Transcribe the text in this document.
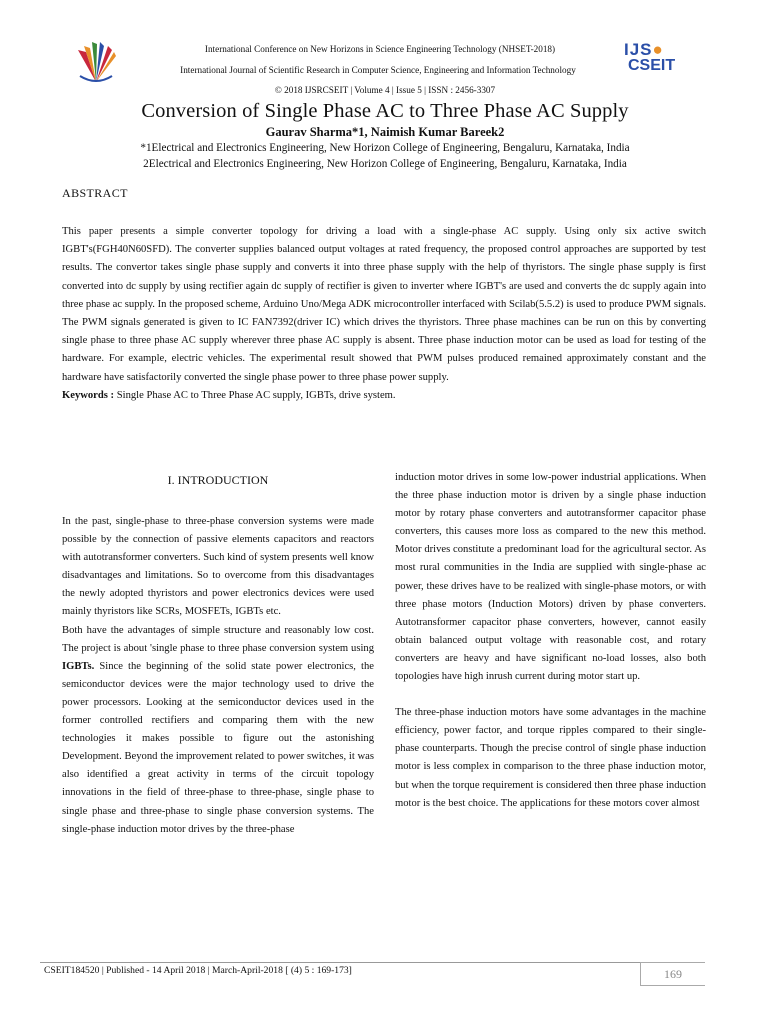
IJS●
CSEIT
International Conference on New Horizons in Science Engineering Technology (NHSET-2018)
International Journal of Scientific Research in Computer Science, Engineering and Information Technology
© 2018 IJSRCSEIT | Volume 4 | Issue 5 | ISSN : 2456-3307
Conversion of Single Phase AC to Three Phase AC Supply
Gaurav Sharma*1, Naimish Kumar Bareek2
*1Electrical and Electronics Engineering, New Horizon College of Engineering, Bengaluru, Karnataka, India
2Electrical and Electronics Engineering, New Horizon College of Engineering, Bengaluru, Karnataka, India
ABSTRACT
This paper presents a simple converter topology for driving a load with a single-phase AC supply. Using only six active switch IGBT's(FGH40N60SFD). The converter supplies balanced output voltages at rated frequency, the proposed control approaches are supported by test results. The convertor takes single phase supply and converts it into three phase supply with the help of thyristors. The single phase supply is first converted into dc supply by using rectifier again dc supply of rectifier is given to inverter where IGBT's are used and converts the dc supply again into three phase ac supply. In the proposed scheme, Arduino Uno/Mega ADK microcontroller interfaced with Scilab(5.5.2) is used to produce PWM signals. The PWM signals generated is given to IC FAN7392(driver IC) which drives the thyristors. Three phase machines can be run on this by converting single phase to three phase AC supply wherever three phase AC supply is absent. Three phase induction motor can be used as load for testing of the hardware. For example, electric vehicles. The experimental result showed that PWM pulses produced remained approximately constant and the hardware have satisfactorily converted the single phase power to three phase power supply.
Keywords : Single Phase AC to Three Phase AC supply, IGBTs, drive system.
I. INTRODUCTION

In the past, single-phase to three-phase conversion systems were made possible by the connection of passive elements capacitors and reactors with autotransformer converters. Such kind of system presents well know disadvantages and limitations. So to overcome from this disadvantages the newly adopted thyristors and power electronics devices were used mainly thyristors like SCRs, MOSFETs, IGBTs etc.

Both have the advantages of simple structure and reasonably low cost. The project is about 'single phase to three phase conversion system using IGBTs. Since the beginning of the solid state power electronics, the semiconductor devices were the major technology used to drive the power processors. Looking at the semiconductor devices used in the former controlled rectifiers and comparing them with the new technologies it makes possible to figure out the astonishing Development. Beyond the improvement related to power switches, it was also identified a great activity in terms of the circuit topology innovations in the field of three-phase to three-phase, single phase to single phase and three-phase to single phase conversion systems. The single-phase induction motor drives by the three-phase

induction motor drives in some low-power industrial applications. When the three phase induction motor is driven by a single phase induction motor by rotary phase converters and autotransformer capacitor phase converters, this causes more loss as compared to the new this method. Motor drives constitute a predominant load for the agricultural sector. As most rural communities in the India are supplied with single-phase ac power, these drives have to be realized with single-phase motors, or with three phase motors (Induction Motors) driven by phase converters. Autotransformer capacitor phase converters, however, cannot easily obtain balanced output voltage with reasonable cost, and rotary converters are heavy and have significant no-load losses, also both topologies have high inrush current during motor start up.

The three-phase induction motors have some advantages in the machine efficiency, power factor, and torque ripples compared to their single-phase counterparts. Though the precise control of single phase induction motor is less complex in comparison to the three phase induction motor, but when the torque requirement is considered then three phase induction motor is the best choice. The applications for these motors cover almost

CSEIT184520 | Published - 14 April 2018 | March-April-2018 [ (4) 5 : 169-173]	169
